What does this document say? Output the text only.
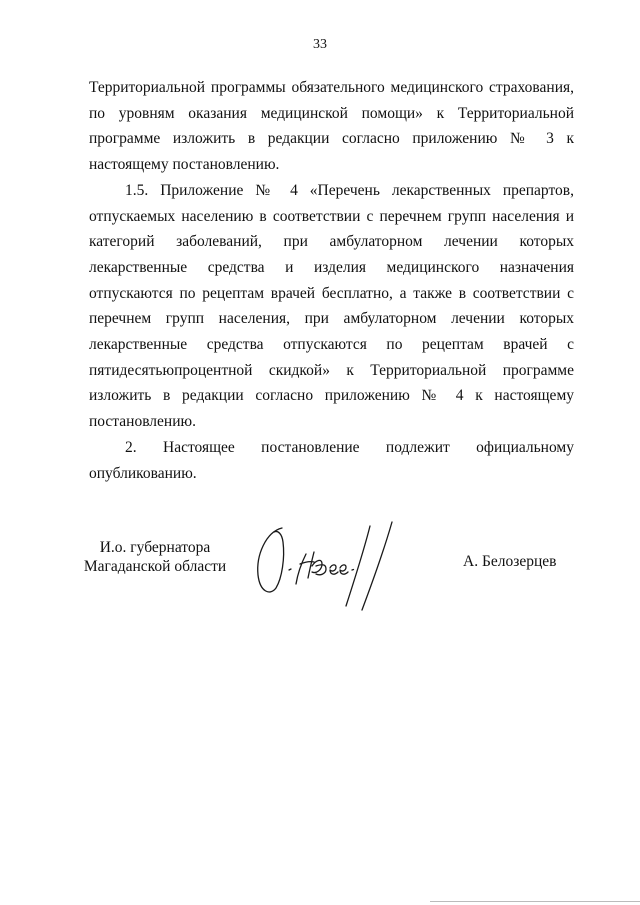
33

Территориальной программы обязательного медицинского страхования, по уровням оказания медицинской помощи» к Территориальной программе изложить в редакции согласно приложению № 3 к настоящему постановлению.

1.5. Приложение № 4 «Перечень лекарственных препартов, отпускаемых населению в соответствии с перечнем групп населения и категорий заболеваний, при амбулаторном лечении которых лекарственные средства и изделия медицинского назначения отпускаются по рецептам врачей бесплатно, а также в соответствии с перечнем групп населения, при амбулаторном лечении которых лекарственные средства отпускаются по рецептам врачей с пятидесятьюпроцентной скидкой» к Территориальной программе изложить в редакции согласно приложению № 4 к настоящему постановлению.

2. Настоящее постановление подлежит официальному опубликованию.

И.о. губернатора
Магаданской области	А. Белозерцев
